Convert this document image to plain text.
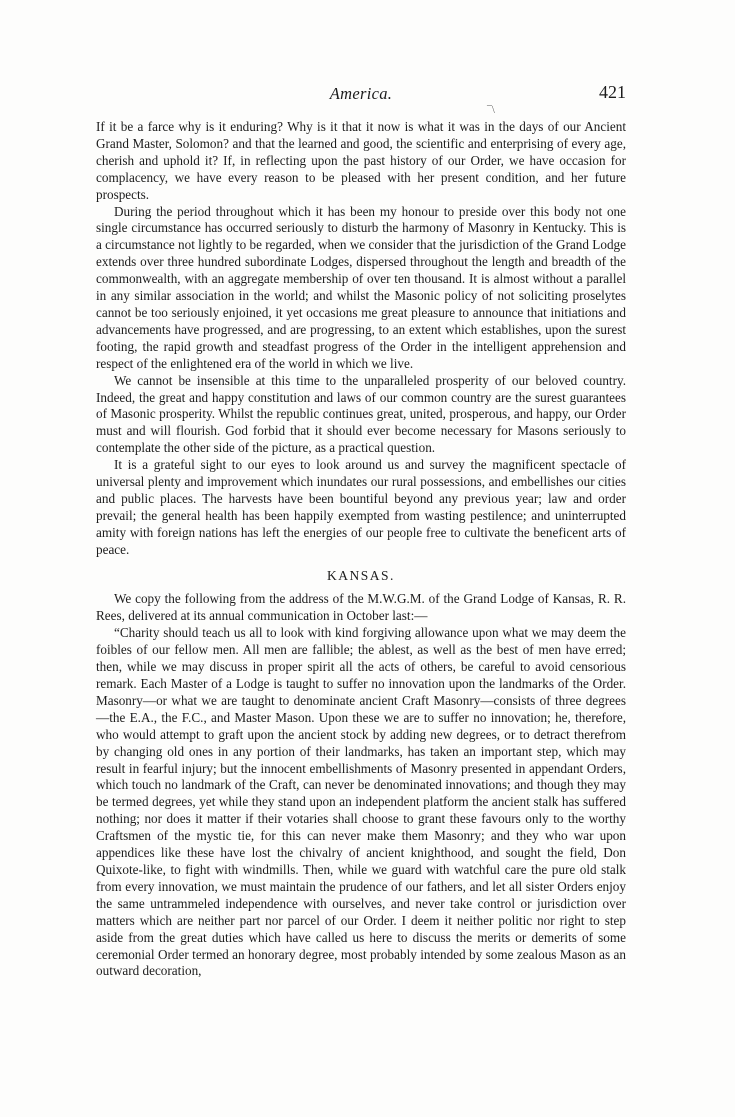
America.	421
¯\

If it be a farce why is it enduring? Why is it that it now is what it was in the days of our Ancient Grand Master, Solomon? and that the learned and good, the scientific and enterprising of every age, cherish and uphold it? If, in reflecting upon the past history of our Order, we have occasion for complacency, we have every reason to be pleased with her present condition, and her future prospects.

During the period throughout which it has been my honour to preside over this body not one single circumstance has occurred seriously to disturb the harmony of Masonry in Kentucky. This is a circumstance not lightly to be regarded, when we consider that the jurisdiction of the Grand Lodge extends over three hundred subordinate Lodges, dispersed throughout the length and breadth of the commonwealth, with an aggregate membership of over ten thousand. It is almost without a parallel in any similar association in the world; and whilst the Masonic policy of not soliciting proselytes cannot be too seriously enjoined, it yet occasions me great pleasure to announce that initiations and advancements have progressed, and are progressing, to an extent which establishes, upon the surest footing, the rapid growth and steadfast progress of the Order in the intelligent apprehension and respect of the enlightened era of the world in which we live.

We cannot be insensible at this time to the unparalleled prosperity of our beloved country. Indeed, the great and happy constitution and laws of our common country are the surest guarantees of Masonic prosperity. Whilst the republic continues great, united, prosperous, and happy, our Order must and will flourish. God forbid that it should ever become necessary for Masons seriously to contemplate the other side of the picture, as a practical question.

It is a grateful sight to our eyes to look around us and survey the magnificent spectacle of universal plenty and improvement which inundates our rural possessions, and embellishes our cities and public places. The harvests have been bountiful beyond any previous year; law and order prevail; the general health has been happily exempted from wasting pestilence; and uninterrupted amity with foreign nations has left the energies of our people free to cultivate the beneficent arts of peace.

KANSAS.

We copy the following from the address of the M.W.G.M. of the Grand Lodge of Kansas, R. R. Rees, delivered at its annual communication in October last:—

“Charity should teach us all to look with kind forgiving allowance upon what we may deem the foibles of our fellow men. All men are fallible; the ablest, as well as the best of men have erred; then, while we may discuss in proper spirit all the acts of others, be careful to avoid censorious remark. Each Master of a Lodge is taught to suffer no innovation upon the landmarks of the Order. Masonry—or what we are taught to denominate ancient Craft Masonry—consists of three degrees—the E.A., the F.C., and Master Mason. Upon these we are to suffer no innovation; he, therefore, who would attempt to graft upon the ancient stock by adding new degrees, or to detract therefrom by changing old ones in any portion of their landmarks, has taken an important step, which may result in fearful injury; but the innocent embellishments of Masonry presented in appendant Orders, which touch no landmark of the Craft, can never be denominated innovations; and though they may be termed degrees, yet while they stand upon an independent platform the ancient stalk has suffered nothing; nor does it matter if their votaries shall choose to grant these favours only to the worthy Craftsmen of the mystic tie, for this can never make them Masonry; and they who war upon appendices like these have lost the chivalry of ancient knighthood, and sought the field, Don Quixote-like, to fight with windmills. Then, while we guard with watchful care the pure old stalk from every innovation, we must maintain the prudence of our fathers, and let all sister Orders enjoy the same untrammeled independence with ourselves, and never take control or jurisdiction over matters which are neither part nor parcel of our Order. I deem it neither politic nor right to step aside from the great duties which have called us here to discuss the merits or demerits of some ceremonial Order termed an honorary degree, most probably intended by some zealous Mason as an outward decoration,
